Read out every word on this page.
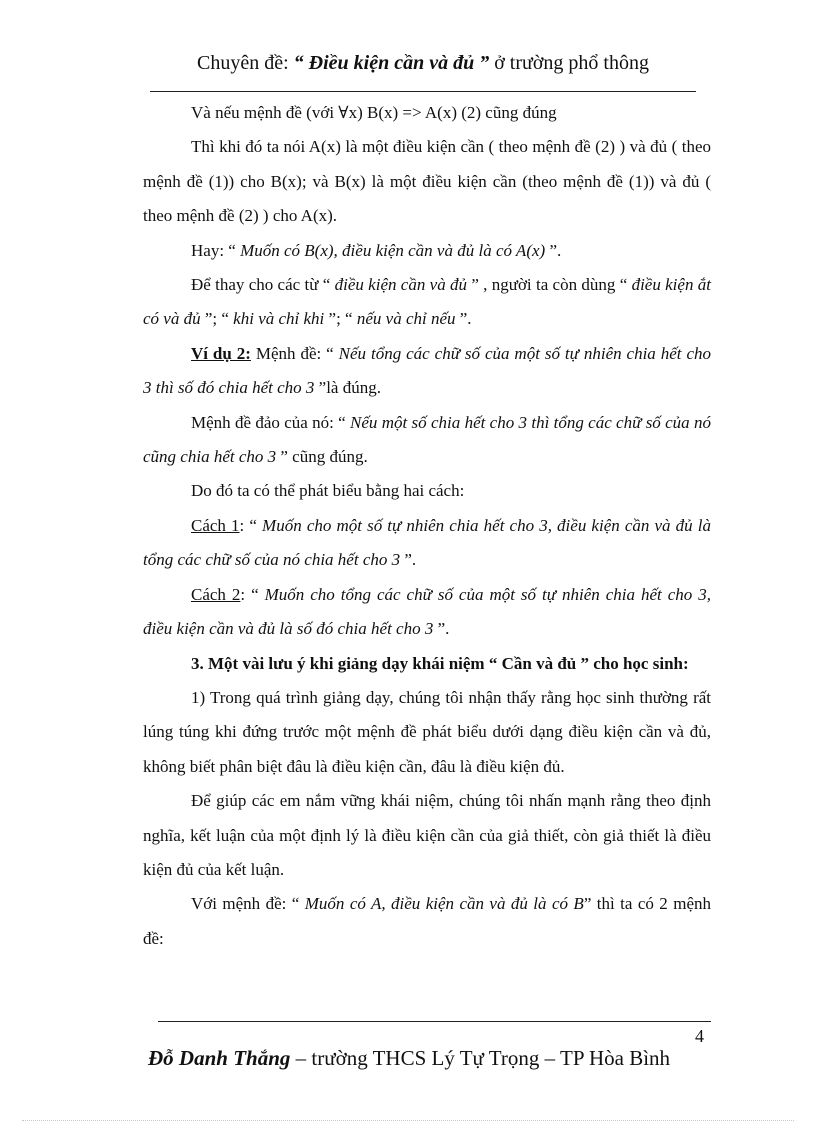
Chuyên đề: “ Điều kiện cần và đủ ” ở trường phổ thông

Và nếu mệnh đề (với ∀x) B(x) => A(x) (2) cũng đúng

Thì khi đó ta nói A(x) là một điều kiện cần ( theo mệnh đề (2) ) và đủ ( theo mệnh đề (1)) cho B(x); và B(x) là một điều kiện cần (theo mệnh đề (1)) và đủ ( theo mệnh đề (2) ) cho A(x).

Hay: “ Muốn có B(x), điều kiện cần và đủ là có A(x) ”.

Để thay cho các từ “ điều kiện cần và đủ ” , người ta còn dùng “ điều kiện ắt có và đủ ”; “ khi và chỉ khi ”; “ nếu và chỉ nếu ”.

Ví dụ 2: Mệnh đề: “ Nếu tổng các chữ số của một số tự nhiên chia hết cho 3 thì số đó chia hết cho 3 ”là đúng.

Mệnh đề đảo của nó: “ Nếu một số chia hết cho 3 thì tổng các chữ số của nó cũng chia hết cho 3 ” cũng đúng.

Do đó ta có thể phát biểu bằng hai cách:

Cách 1: “ Muốn cho một số tự nhiên chia hết cho 3, điều kiện cần và đủ là tổng các chữ số của nó chia hết cho 3 ”.

Cách 2: “ Muốn cho tổng các chữ số của một số tự nhiên chia hết cho 3, điều kiện cần và đủ là số đó chia hết cho 3 ”.

3. Một vài lưu ý khi giảng dạy khái niệm “ Cần và đủ ” cho học sinh:

1) Trong quá trình giảng dạy, chúng tôi nhận thấy rằng học sinh thường rất lúng túng khi đứng trước một mệnh đề phát biểu dưới dạng điều kiện cần và đủ, không biết phân biệt đâu là điều kiện cần, đâu là điều kiện đủ.

Để giúp các em nắm vững khái niệm, chúng tôi nhấn mạnh rằng theo định nghĩa, kết luận của một định lý là điều kiện cần của giả thiết, còn giả thiết là điều kiện đủ của kết luận.

Với mệnh đề: “ Muốn có A, điều kiện cần và đủ là có B” thì ta có 2 mệnh đề:

4
Đỗ Danh Thắng – trường THCS Lý Tự Trọng – TP Hòa Bình
